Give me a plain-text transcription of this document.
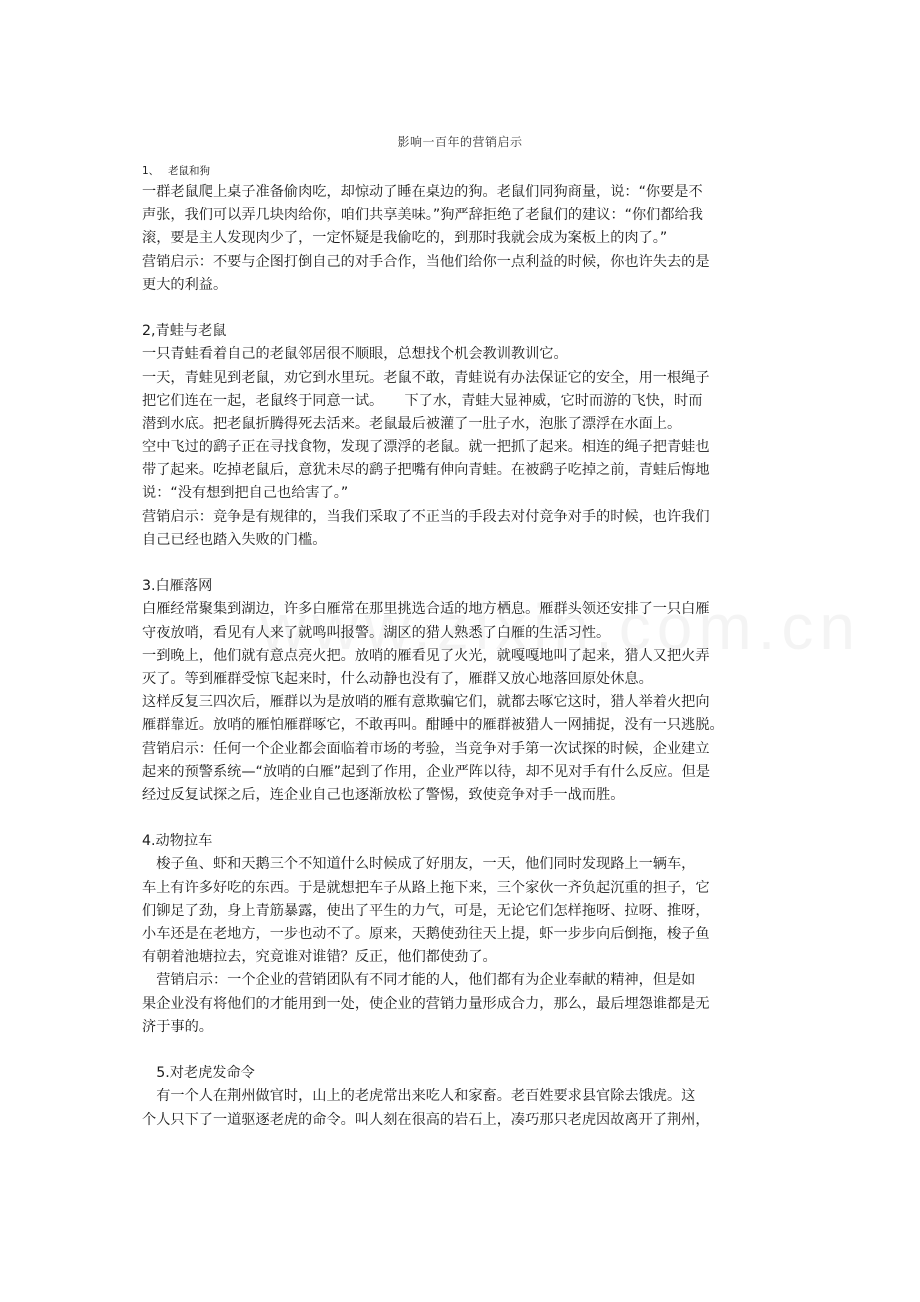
影响一百年的营销启示
1、 老鼠和狗
一群老鼠爬上桌子准备偷肉吃，却惊动了睡在桌边的狗。老鼠们同狗商量，说：“你要是不
声张，我们可以弄几块肉给你，咱们共享美味。”狗严辞拒绝了老鼠们的建议：“你们都给我
滚，要是主人发现肉少了，一定怀疑是我偷吃的，到那时我就会成为案板上的肉了。”
营销启示：不要与企图打倒自己的对手合作，当他们给你一点利益的时候，你也许失去的是
更大的利益。
2,青蛙与老鼠
一只青蛙看着自己的老鼠邻居很不顺眼，总想找个机会教训教训它。
一天，青蛙见到老鼠，劝它到水里玩。老鼠不敢，青蛙说有办法保证它的安全，用一根绳子
把它们连在一起，老鼠终于同意一试。　　下了水，青蛙大显神威，它时而游的飞快，时而
潜到水底。把老鼠折腾得死去活来。老鼠最后被灌了一肚子水，泡胀了漂浮在水面上。
空中飞过的鹞子正在寻找食物，发现了漂浮的老鼠。就一把抓了起来。相连的绳子把青蛙也
带了起来。吃掉老鼠后，意犹未尽的鹞子把嘴有伸向青蛙。在被鹞子吃掉之前，青蛙后悔地
说：“没有想到把自己也给害了。”
营销启示：竞争是有规律的，当我们采取了不正当的手段去对付竞争对手的时候，也许我们
自己已经也踏入失败的门槛。
3.白雁落网
白雁经常聚集到湖边，许多白雁常在那里挑选合适的地方栖息。雁群头领还安排了一只白雁
守夜放哨，看见有人来了就鸣叫报警。湖区的猎人熟悉了白雁的生活习性。
一到晚上，他们就有意点亮火把。放哨的雁看见了火光，就嘎嘎地叫了起来，猎人又把火弄
灭了。等到雁群受惊飞起来时，什么动静也没有了，雁群又放心地落回原处休息。
这样反复三四次后，雁群以为是放哨的雁有意欺骗它们，就都去啄它这时，猎人举着火把向
雁群靠近。放哨的雁怕雁群啄它，不敢再叫。酣睡中的雁群被猎人一网捕捉，没有一只逃脱。
营销启示：任何一个企业都会面临着市场的考验，当竞争对手第一次试探的时候，企业建立
起来的预警系统—“放哨的白雁”起到了作用，企业严阵以待，却不见对手有什么反应。但是
经过反复试探之后，连企业自己也逐渐放松了警惕，致使竞争对手一战而胜。
4.动物拉车
　梭子鱼、虾和天鹅三个不知道什么时候成了好朋友，一天，他们同时发现路上一辆车，
车上有许多好吃的东西。于是就想把车子从路上拖下来，三个家伙一齐负起沉重的担子，它
们铆足了劲，身上青筋暴露，使出了平生的力气，可是，无论它们怎样拖呀、拉呀、推呀，
小车还是在老地方，一步也动不了。原来，天鹅使劲往天上提，虾一步步向后倒拖，梭子鱼
有朝着池塘拉去，究竟谁对谁错？反正，他们都使劲了。
　营销启示：一个企业的营销团队有不同才能的人，他们都有为企业奉献的精神，但是如
果企业没有将他们的才能用到一处，使企业的营销力量形成合力，那么，最后埋怨谁都是无
济于事的。
　5.对老虎发命令
　有一个人在荆州做官时，山上的老虎常出来吃人和家畜。老百姓要求县官除去饿虎。这
个人只下了一道驱逐老虎的命令。叫人刻在很高的岩石上，凑巧那只老虎因故离开了荆州，
